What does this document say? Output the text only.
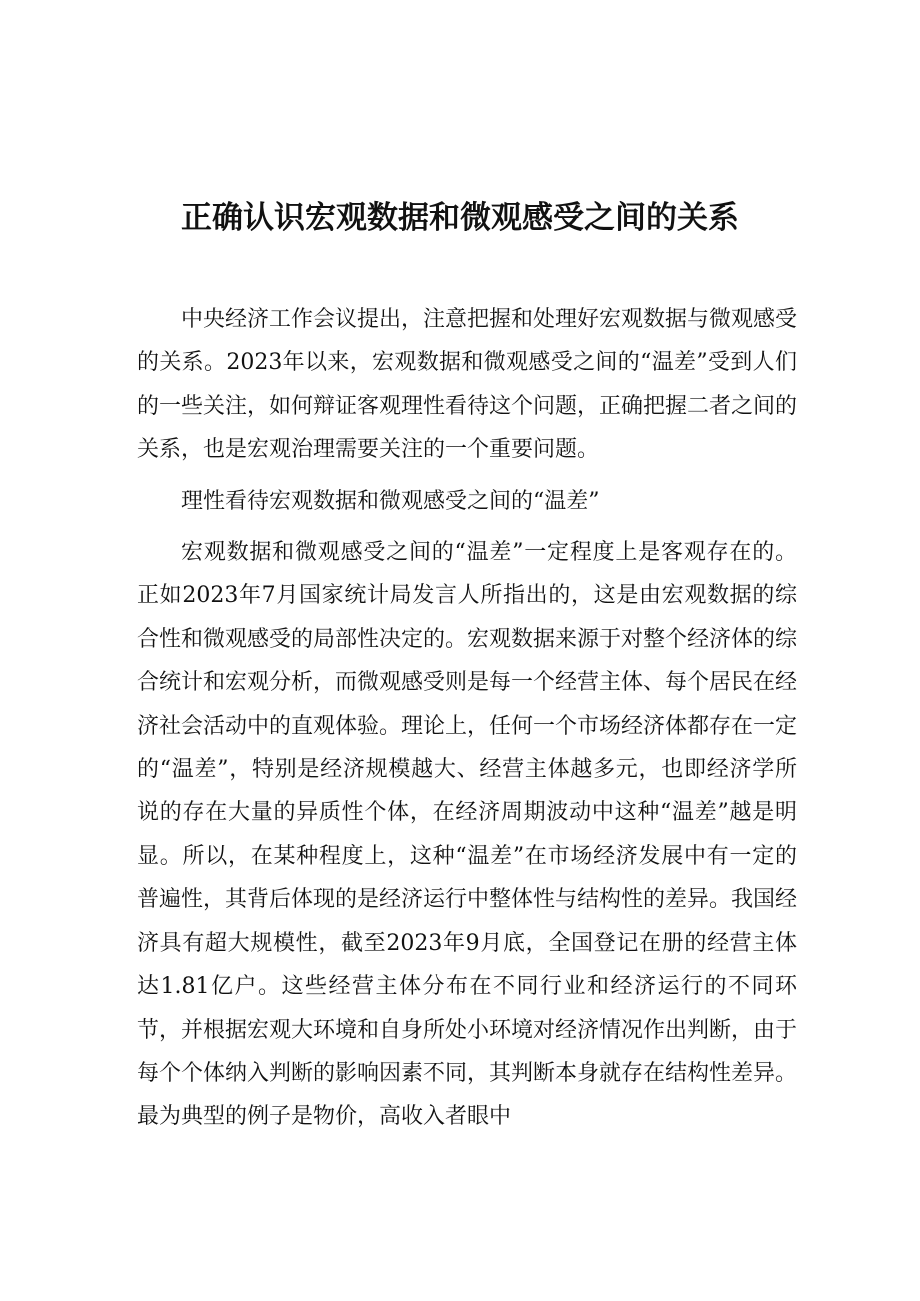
正确认识宏观数据和微观感受之间的关系

中央经济工作会议提出，注意把握和处理好宏观数据与微观感受的关系。2023年以来，宏观数据和微观感受之间的“温差”受到人们的一些关注，如何辩证客观理性看待这个问题，正确把握二者之间的关系，也是宏观治理需要关注的一个重要问题。

理性看待宏观数据和微观感受之间的“温差”

宏观数据和微观感受之间的“温差”一定程度上是客观存在的。正如2023年7月国家统计局发言人所指出的，这是由宏观数据的综合性和微观感受的局部性决定的。宏观数据来源于对整个经济体的综合统计和宏观分析，而微观感受则是每一个经营主体、每个居民在经济社会活动中的直观体验。理论上，任何一个市场经济体都存在一定的“温差”，特别是经济规模越大、经营主体越多元，也即经济学所说的存在大量的异质性个体，在经济周期波动中这种“温差”越是明显。所以，在某种程度上，这种“温差”在市场经济发展中有一定的普遍性，其背后体现的是经济运行中整体性与结构性的差异。我国经济具有超大规模性，截至2023年9月底，全国登记在册的经营主体达1.81亿户。这些经营主体分布在不同行业和经济运行的不同环节，并根据宏观大环境和自身所处小环境对经济情况作出判断，由于每个个体纳入判断的影响因素不同，其判断本身就存在结构性差异。最为典型的例子是物价，高收入者眼中
